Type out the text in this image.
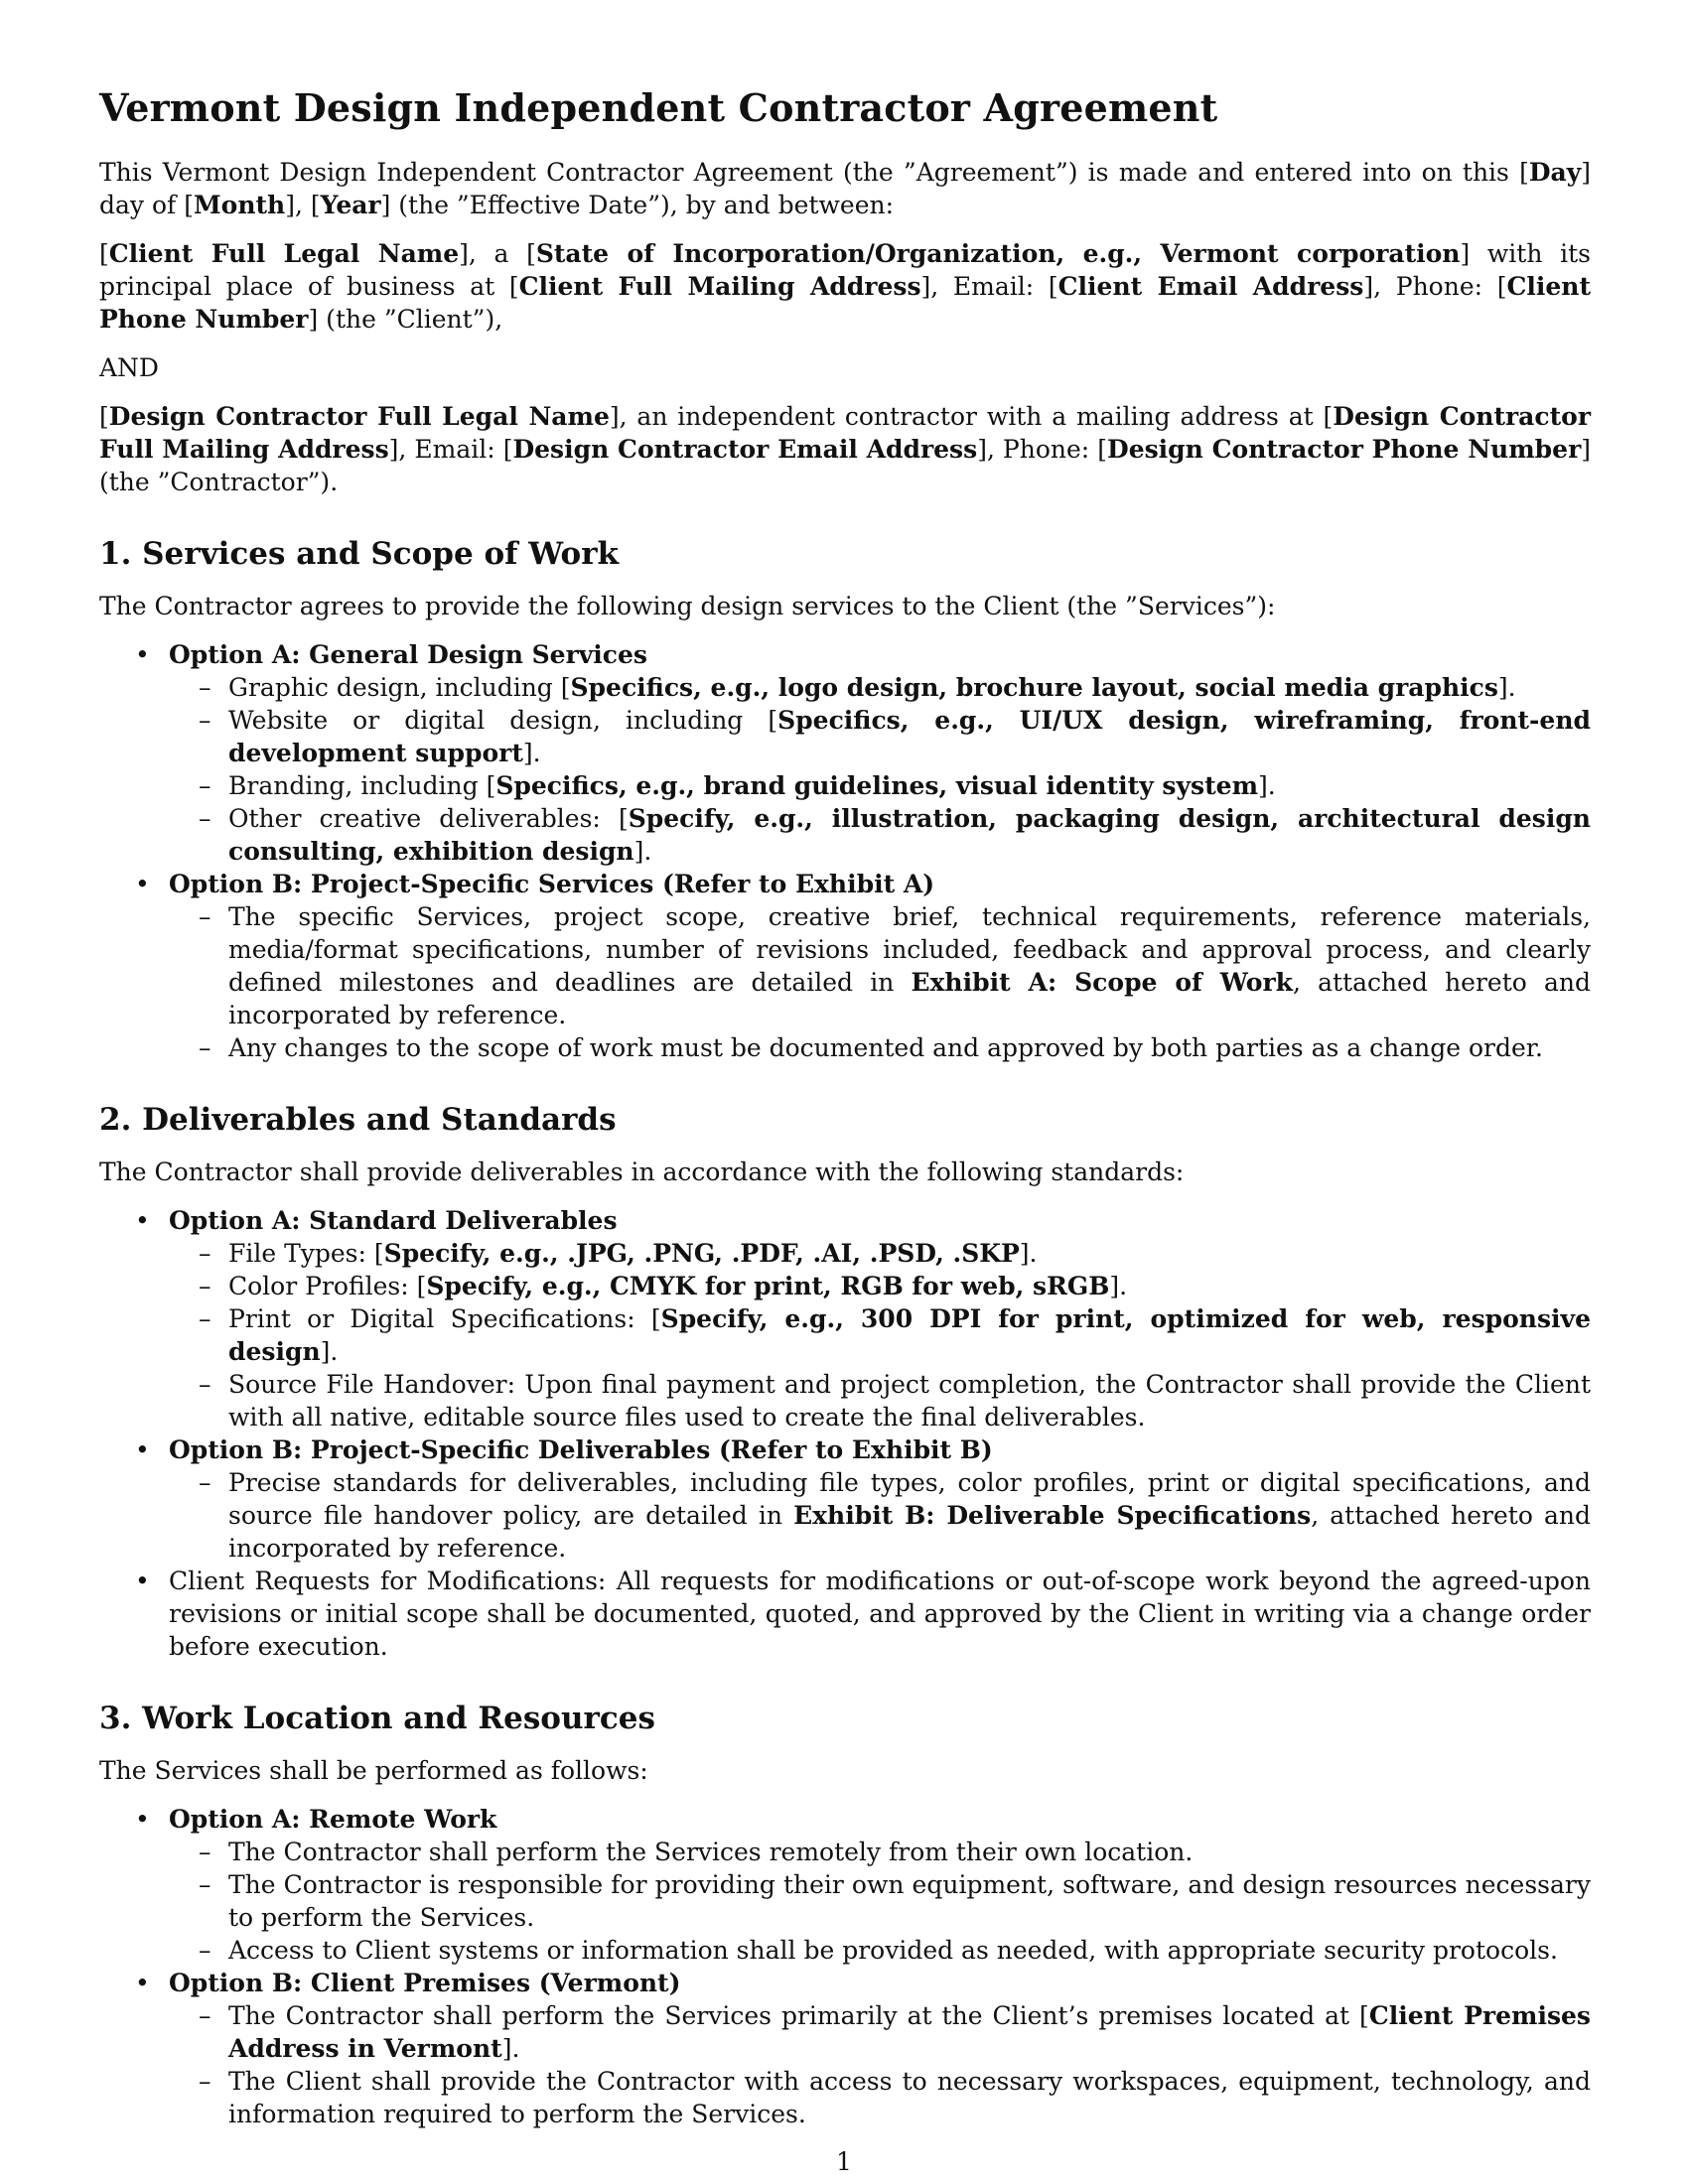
Vermont Design Independent Contractor Agreement

This Vermont Design Independent Contractor Agreement (the ”Agreement”) is made and entered into on this [Day] day of [Month], [Year] (the ”Effective Date”), by and between:

[Client Full Legal Name], a [State of Incorporation/Organization, e.g., Vermont corporation] with its principal place of business at [Client Full Mailing Address], Email: [Client Email Address], Phone: [Client Phone Number] (the ”Client”),

AND

[Design Contractor Full Legal Name], an independent contractor with a mailing address at [Design Contractor Full Mailing Address], Email: [Design Contractor Email Address], Phone: [Design Contractor Phone Number] (the ”Contractor”).

1. Services and Scope of Work

The Contractor agrees to provide the following design services to the Client (the ”Services”):

• Option A: General Design Services
– Graphic design, including [Specifics, e.g., logo design, brochure layout, social media graphics].
– Website or digital design, including [Specifics, e.g., UI/UX design, wireframing, front-end development support].
– Branding, including [Specifics, e.g., brand guidelines, visual identity system].
– Other creative deliverables: [Specify, e.g., illustration, packaging design, architectural design consulting, exhibition design].
• Option B: Project-Specific Services (Refer to Exhibit A)
– The specific Services, project scope, creative brief, technical requirements, reference materials, media/format specifications, number of revisions included, feedback and approval process, and clearly defined milestones and deadlines are detailed in Exhibit A: Scope of Work, attached hereto and incorporated by reference.
– Any changes to the scope of work must be documented and approved by both parties as a change order.
2. Deliverables and Standards

The Contractor shall provide deliverables in accordance with the following standards:

• Option A: Standard Deliverables
– File Types: [Specify, e.g., .JPG, .PNG, .PDF, .AI, .PSD, .SKP].
– Color Profiles: [Specify, e.g., CMYK for print, RGB for web, sRGB].
– Print or Digital Specifications: [Specify, e.g., 300 DPI for print, optimized for web, responsive design].
– Source File Handover: Upon final payment and project completion, the Contractor shall provide the Client with all native, editable source files used to create the final deliverables.
• Option B: Project-Specific Deliverables (Refer to Exhibit B)
– Precise standards for deliverables, including file types, color profiles, print or digital specifications, and source file handover policy, are detailed in Exhibit B: Deliverable Specifications, attached hereto and incorporated by reference.
• Client Requests for Modifications: All requests for modifications or out-of-scope work beyond the agreed-upon revisions or initial scope shall be documented, quoted, and approved by the Client in writing via a change order before execution.
3. Work Location and Resources

The Services shall be performed as follows:

• Option A: Remote Work
– The Contractor shall perform the Services remotely from their own location.
– The Contractor is responsible for providing their own equipment, software, and design resources necessary to perform the Services.
– Access to Client systems or information shall be provided as needed, with appropriate security protocols.
• Option B: Client Premises (Vermont)
– The Contractor shall perform the Services primarily at the Client’s premises located at [Client Premises Address in Vermont].
– The Client shall provide the Contractor with access to necessary workspaces, equipment, technology, and information required to perform the Services.
1
